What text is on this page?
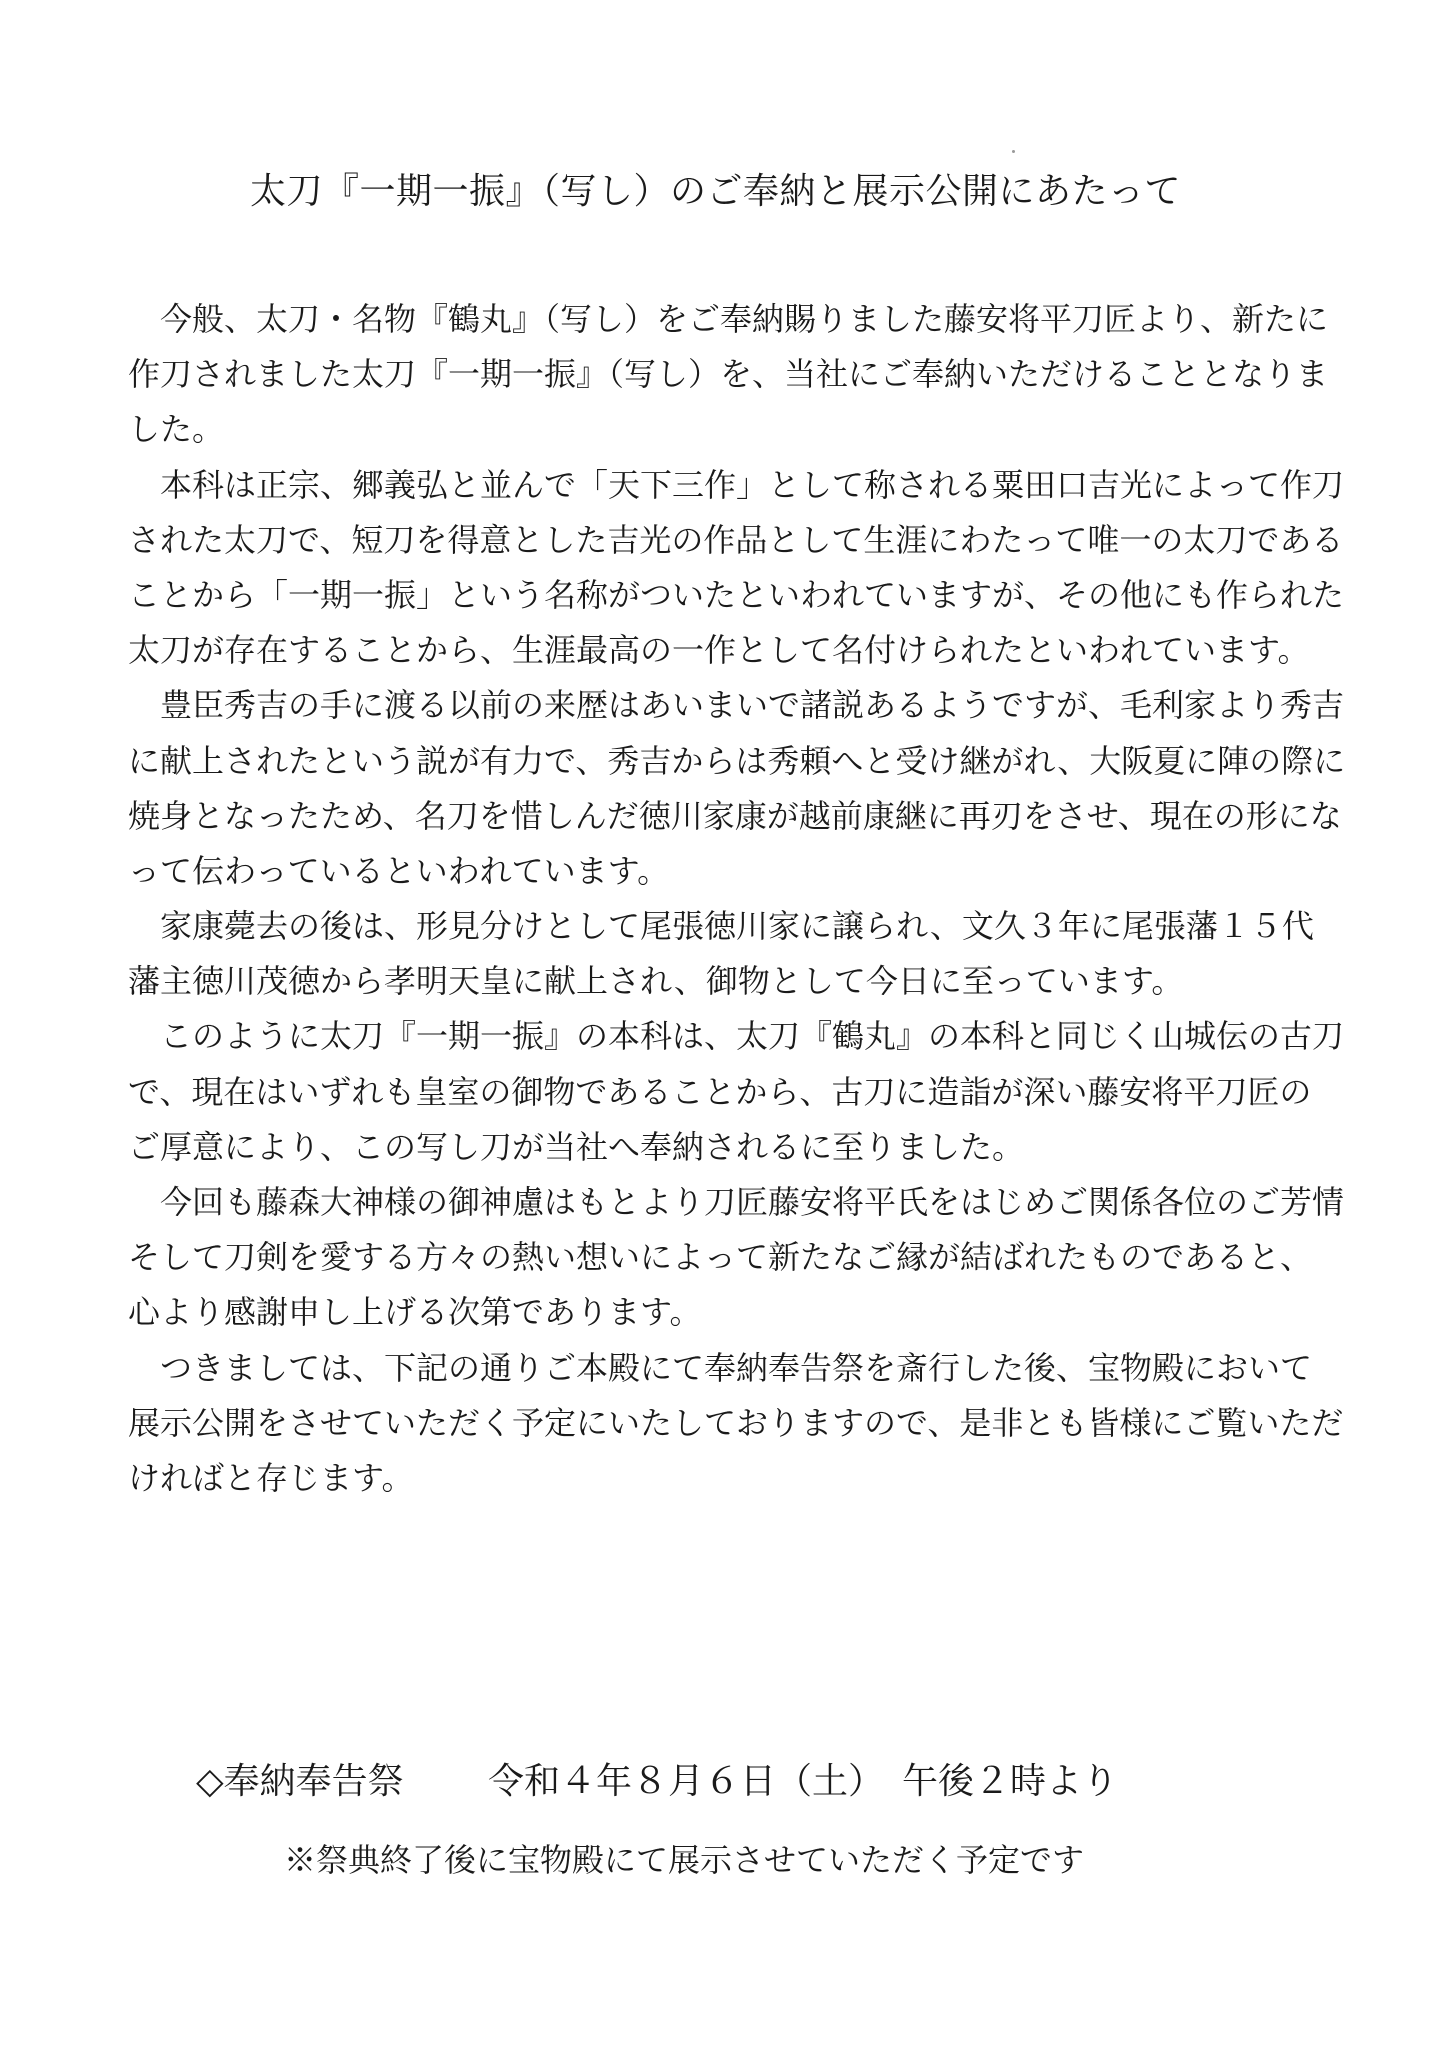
太刀『一期一振』（写し）のご奉納と展示公開にあたって
　今般、太刀・名物『鶴丸』（写し）をご奉納賜りました藤安将平刀匠より、新たに
作刀されました太刀『一期一振』（写し）を、当社にご奉納いただけることとなりま
した。
　本科は正宗、郷義弘と並んで「天下三作」として称される粟田口吉光によって作刀
された太刀で、短刀を得意とした吉光の作品として生涯にわたって唯一の太刀である
ことから「一期一振」という名称がついたといわれていますが、その他にも作られた
太刀が存在することから、生涯最高の一作として名付けられたといわれています。
　豊臣秀吉の手に渡る以前の来歴はあいまいで諸説あるようですが、毛利家より秀吉
に献上されたという説が有力で、秀吉からは秀頼へと受け継がれ、大阪夏に陣の際に
焼身となったため、名刀を惜しんだ徳川家康が越前康継に再刃をさせ、現在の形にな
って伝わっているといわれています。
　家康薨去の後は、形見分けとして尾張徳川家に譲られ、文久３年に尾張藩１５代
藩主徳川茂徳から孝明天皇に献上され、御物として今日に至っています。
　このように太刀『一期一振』の本科は、太刀『鶴丸』の本科と同じく山城伝の古刀
で、現在はいずれも皇室の御物であることから、古刀に造詣が深い藤安将平刀匠の
ご厚意により、この写し刀が当社へ奉納されるに至りました。
　今回も藤森大神様の御神慮はもとより刀匠藤安将平氏をはじめご関係各位のご芳情
そして刀剣を愛する方々の熱い想いによって新たなご縁が結ばれたものであると、
心より感謝申し上げる次第であります。
　つきましては、下記の通りご本殿にて奉納奉告祭を斎行した後、宝物殿において
展示公開をさせていただく予定にいたしておりますので、是非とも皆様にご覧いただ
ければと存じます。
◇奉納奉告祭 令和４年８月６日（土）　午後２時より
※祭典終了後に宝物殿にて展示させていただく予定です
